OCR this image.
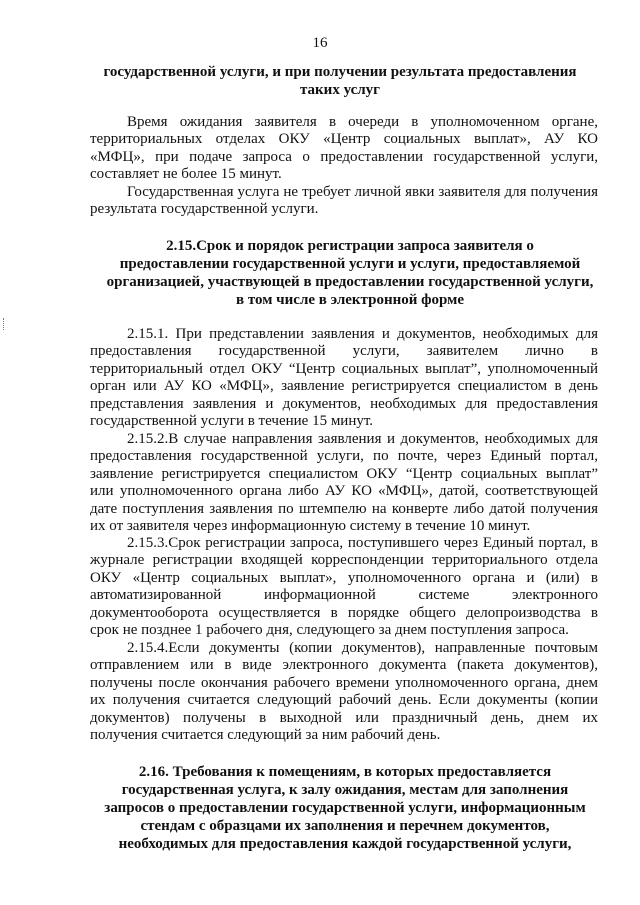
16
государственной услуги, и при получении результата предоставления
таких услуг
Время ожидания заявителя в очереди в уполномоченном органе,
территориальных отделах ОКУ «Центр социальных выплат», АУ КО
«МФЦ», при подаче запроса о предоставлении государственной услуги,
составляет не более 15 минут.
Государственная услуга не требует личной явки заявителя для получения
результата государственной услуги.
2.15.Срок и порядок регистрации запроса заявителя о
предоставлении государственной услуги и услуги, предоставляемой
организацией, участвующей в предоставлении государственной услуги,
в том числе в электронной форме
2.15.1. При представлении заявления и документов, необходимых для
предоставления государственной услуги, заявителем лично в
территориальный отдел ОКУ “Центр социальных выплат”, уполномоченный
орган или АУ КО «МФЦ», заявление регистрируется специалистом в день
представления заявления и документов, необходимых для предоставления
государственной услуги в течение 15 минут.
2.15.2.В случае направления заявления и документов, необходимых для
предоставления государственной услуги, по почте, через Единый портал,
заявление регистрируется специалистом ОКУ “Центр социальных выплат”
или уполномоченного органа либо АУ КО «МФЦ», датой, соответствующей
дате поступления заявления по штемпелю на конверте либо датой получения
их от заявителя через информационную систему в течение 10 минут.
2.15.3.Срок регистрации запроса, поступившего через Единый портал, в
журнале регистрации входящей корреспонденции территориального отдела
ОКУ «Центр социальных выплат», уполномоченного органа и (или) в
автоматизированной информационной системе электронного
документооборота осуществляется в порядке общего делопроизводства в
срок не позднее 1 рабочего дня, следующего за днем поступления запроса.
2.15.4.Если документы (копии документов), направленные почтовым
отправлением или в виде электронного документа (пакета документов),
получены после окончания рабочего времени уполномоченного органа, днем
их получения считается следующий рабочий день. Если документы (копии
документов) получены в выходной или праздничный день, днем их
получения считается следующий за ним рабочий день.
2.16. Требования к помещениям, в которых предоставляется
государственная услуга, к залу ожидания, местам для заполнения
запросов о предоставлении государственной услуги, информационным
стендам с образцами их заполнения и перечнем документов,
необходимых для предоставления каждой государственной услуги,
